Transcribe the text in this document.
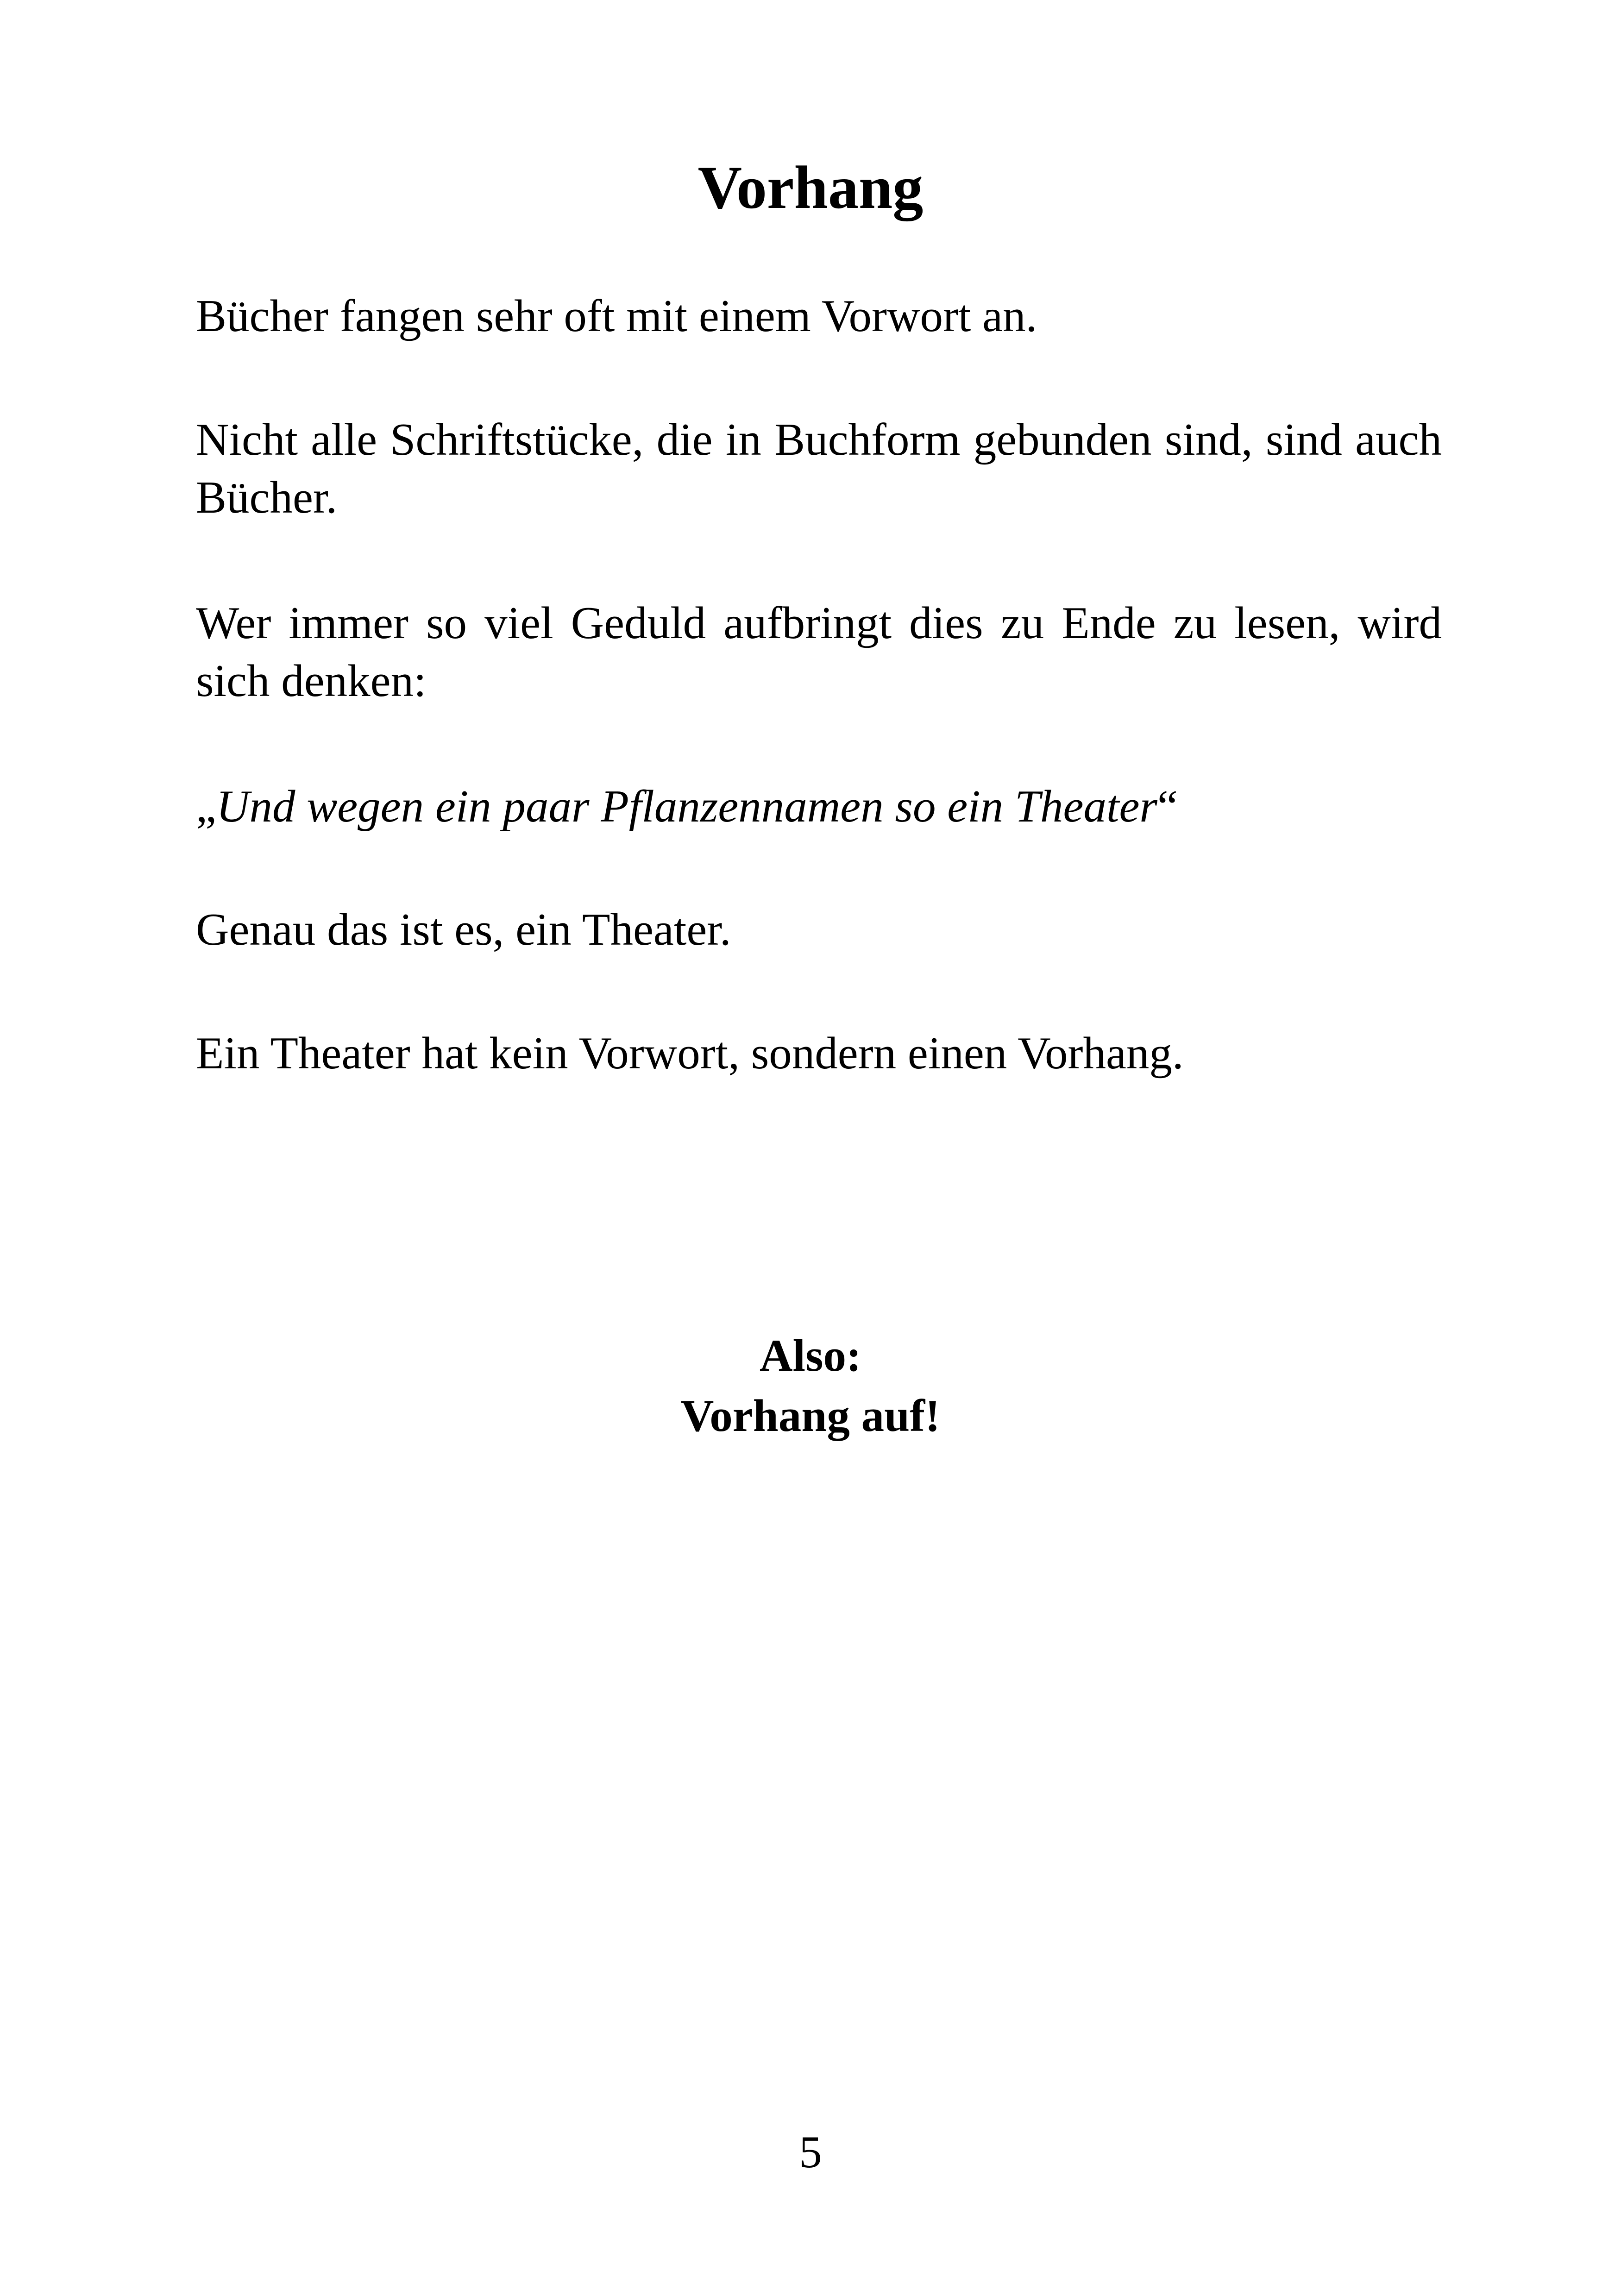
Vorhang

Bücher fangen sehr oft mit einem Vorwort an.

Nicht alle Schriftstücke, die in Buchform gebunden sind, sind auch Bücher.

Wer immer so viel Geduld aufbringt dies zu Ende zu lesen, wird sich denken:

„Und wegen ein paar Pflanzennamen so ein Theater“

Genau das ist es, ein Theater.

Ein Theater hat kein Vorwort, sondern einen Vorhang.

Also:

Vorhang auf!

5
